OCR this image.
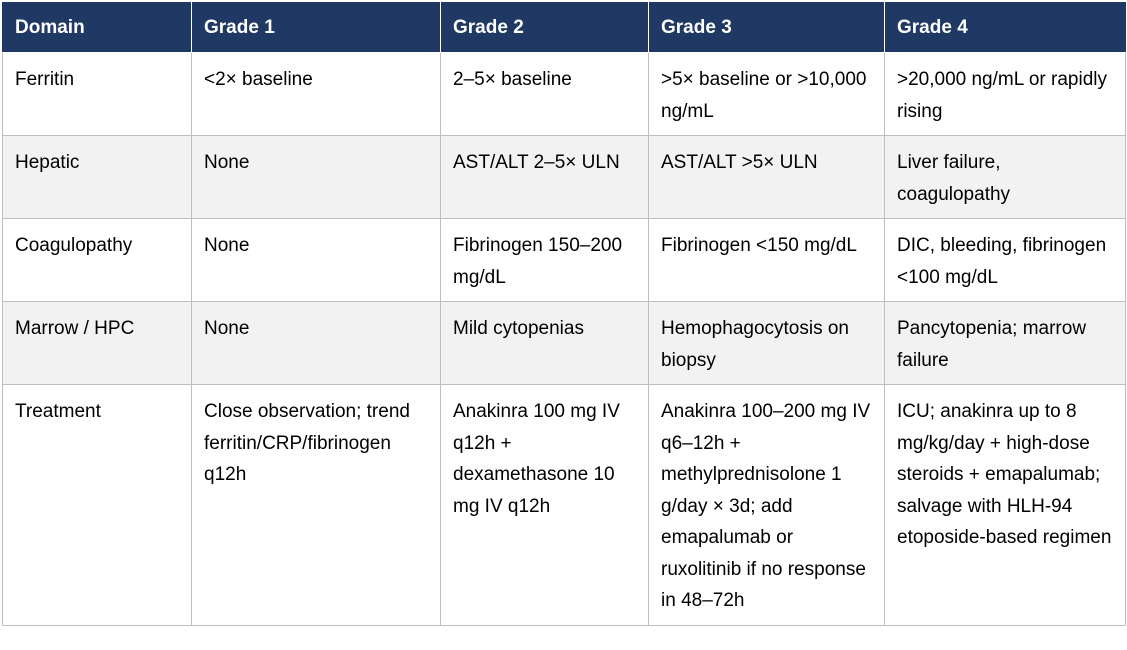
Domain	Grade 1	Grade 2	Grade 3	Grade 4
Ferritin	<2× baseline	2–5× baseline	>5× baseline or >10,000 ng/mL	>20,000 ng/mL or rapidly rising
Hepatic	None	AST/ALT 2–5× ULN	AST/ALT >5× ULN	Liver failure, coagulopathy
Coagulopathy	None	Fibrinogen 150–200 mg/dL	Fibrinogen <150 mg/dL	DIC, bleeding, fibrinogen <100 mg/dL
Marrow / HPC	None	Mild cytopenias	Hemophagocytosis on biopsy	Pancytopenia; marrow failure
Treatment	Close observation; trend ferritin/CRP/fibrinogen q12h	Anakinra 100 mg IV q12h + dexamethasone 10 mg IV q12h	Anakinra 100–200 mg IV q6–12h + methylprednisolone 1 g/day × 3d; add emapalumab or ruxolitinib if no response in 48–72h	ICU; anakinra up to 8 mg/kg/day + high-dose steroids + emapalumab; salvage with HLH-94 etoposide-based regimen
